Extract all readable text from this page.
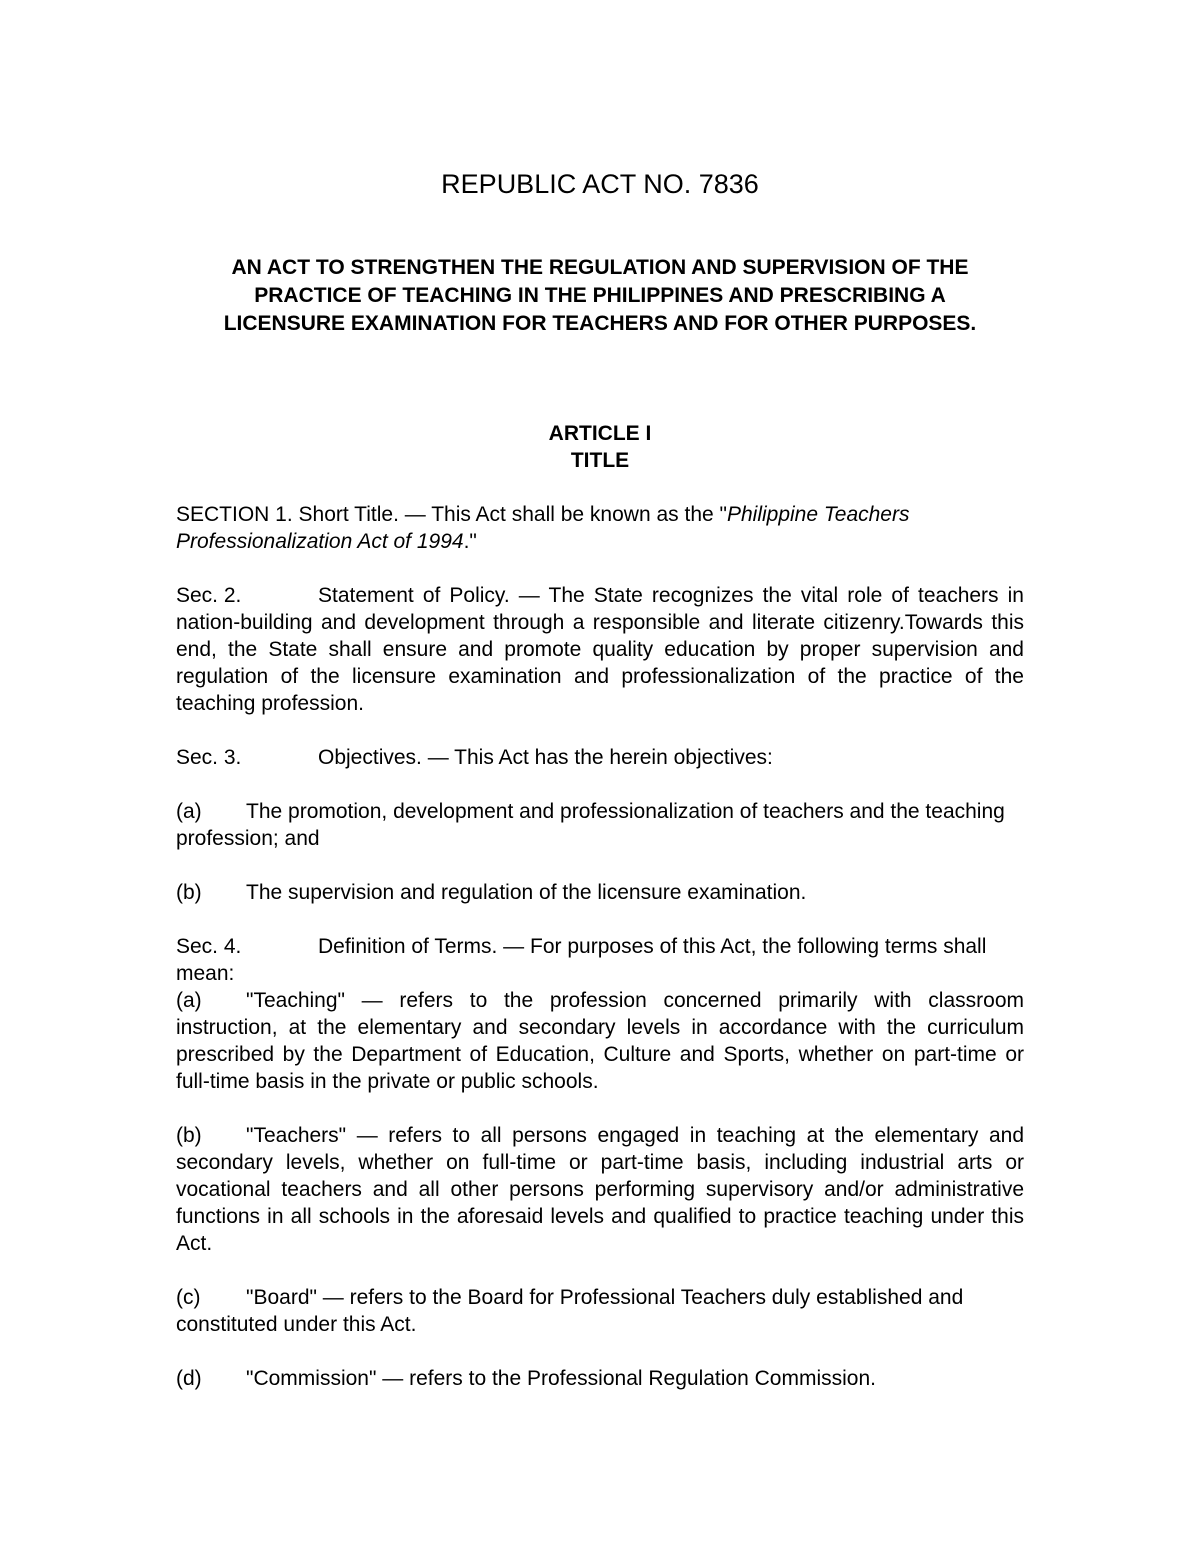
REPUBLIC ACT NO. 7836
AN ACT TO STRENGTHEN THE REGULATION AND SUPERVISION OF THE
PRACTICE OF TEACHING IN THE PHILIPPINES AND PRESCRIBING A
LICENSURE EXAMINATION FOR TEACHERS AND FOR OTHER PURPOSES.
ARTICLE I
TITLE

SECTION 1. Short Title. — This Act shall be known as the "Philippine Teachers Professionalization Act of 1994."

Sec. 2.	Statement of Policy. — The State recognizes the vital role of teachers in nation-building and development through a responsible and literate citizenry.Towards this end, the State shall ensure and promote quality education by proper supervision and regulation of the licensure examination and professionalization of the practice of the teaching profession.

Sec. 3.	Objectives. — This Act has the herein objectives:

(a) The promotion, development and professionalization of teachers and the teaching profession; and

(b) The supervision and regulation of the licensure examination.

Sec. 4.	Definition of Terms. — For purposes of this Act, the following terms shall mean:

(a) "Teaching" — refers to the profession concerned primarily with classroom instruction, at the elementary and secondary levels in accordance with the curriculum prescribed by the Department of Education, Culture and Sports, whether on part-time or full-time basis in the private or public schools.

(b) "Teachers" — refers to all persons engaged in teaching at the elementary and secondary levels, whether on full-time or part-time basis, including industrial arts or vocational teachers and all other persons performing supervisory and/or administrative functions in all schools in the aforesaid levels and qualified to practice teaching under this Act.

(c) "Board" — refers to the Board for Professional Teachers duly established and constituted under this Act.

(d) "Commission" — refers to the Professional Regulation Commission.
